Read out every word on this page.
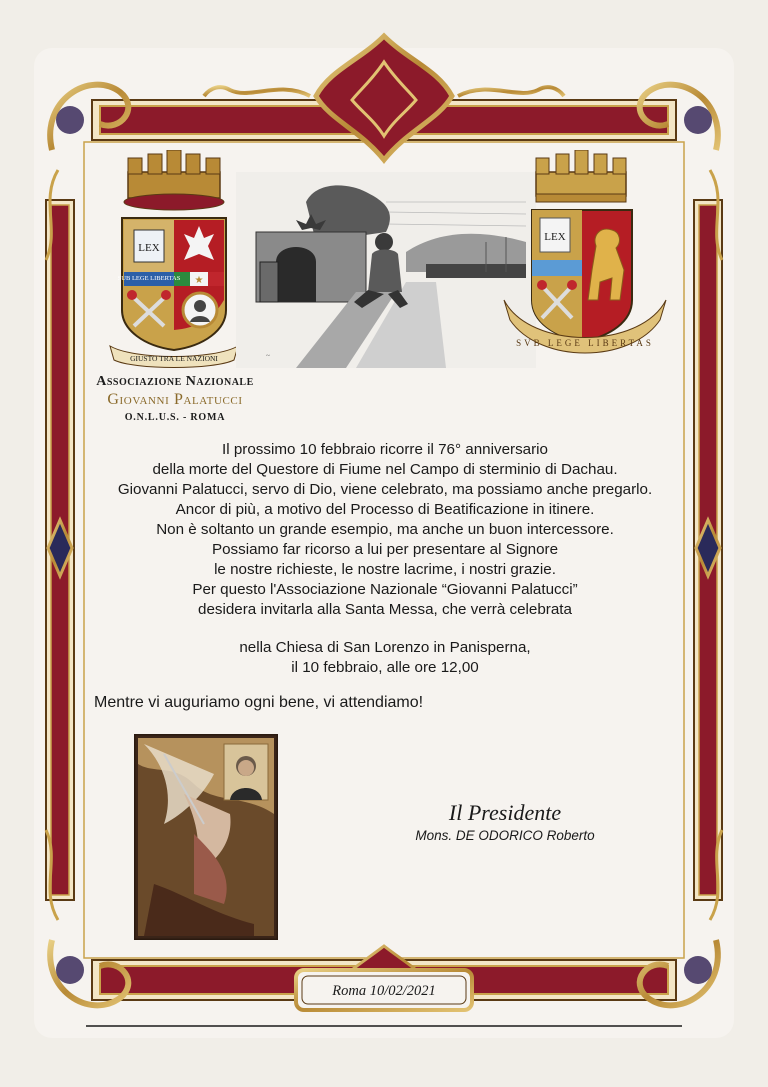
LEX
SUB LEGE LIBERTAS ★
GIUSTO TRA LE NAZIONI	~
LEX
SVB LEGE LIBERTAS
Associazione Nazionale
Giovanni Palatucci
O.N.L.U.S. - ROMA
Il prossimo 10 febbraio ricorre il 76° anniversario
della morte del Questore di Fiume nel Campo di sterminio di Dachau.
Giovanni Palatucci, servo di Dio, viene celebrato, ma possiamo anche pregarlo.
Ancor di più, a motivo del Processo di Beatificazione in itinere.
Non è soltanto un grande esempio, ma anche un buon intercessore.
Possiamo far ricorso a lui per presentare al Signore
le nostre richieste, le nostre lacrime, i nostri grazie.
Per questo l'Associazione Nazionale “Giovanni Palatucci”
desidera invitarla alla Santa Messa, che verrà celebrata
nella Chiesa di San Lorenzo in Panisperna,
il 10 febbraio, alle ore 12,00
Mentre vi auguriamo ogni bene, vi attendiamo!
Il Presidente
Mons. DE ODORICO Roberto
Roma 10/02/2021
